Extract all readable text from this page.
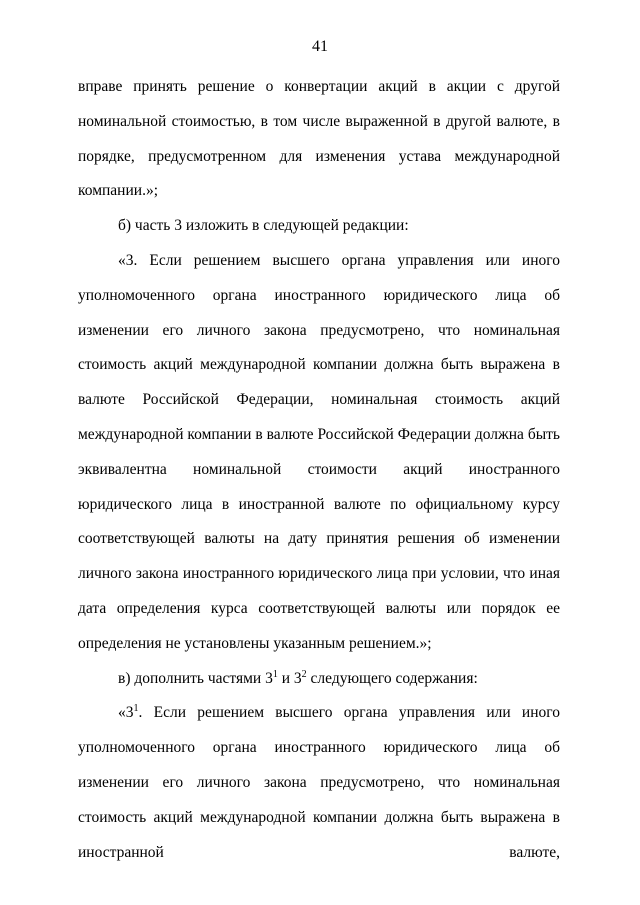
41

вправе принять решение о конвертации акций в акции с другой номинальной стоимостью, в том числе выраженной в другой валюте, в порядке, предусмотренном для изменения устава международной компании.»;

б) часть 3 изложить в следующей редакции:

«3. Если решением высшего органа управления или иного уполномоченного органа иностранного юридического лица об изменении его личного закона предусмотрено, что номинальная стоимость акций международной компании должна быть выражена в валюте Российской Федерации, номинальная стоимость акций международной компании в валюте Российской Федерации должна быть эквивалентна номинальной стоимости акций иностранного юридического лица в иностранной валюте по официальному курсу соответствующей валюты на дату принятия решения об изменении личного закона иностранного юридического лица при условии, что иная дата определения курса соответствующей валюты или порядок ее определения не установлены указанным решением.»;

в) дополнить частями $3^1$ и $3^2$ следующего содержания:

«$3^1$. Если решением высшего органа управления или иного уполномоченного органа иностранного юридического лица об изменении его личного закона предусмотрено, что номинальная стоимость акций международной компании должна быть выражена в иностранной валюте,
